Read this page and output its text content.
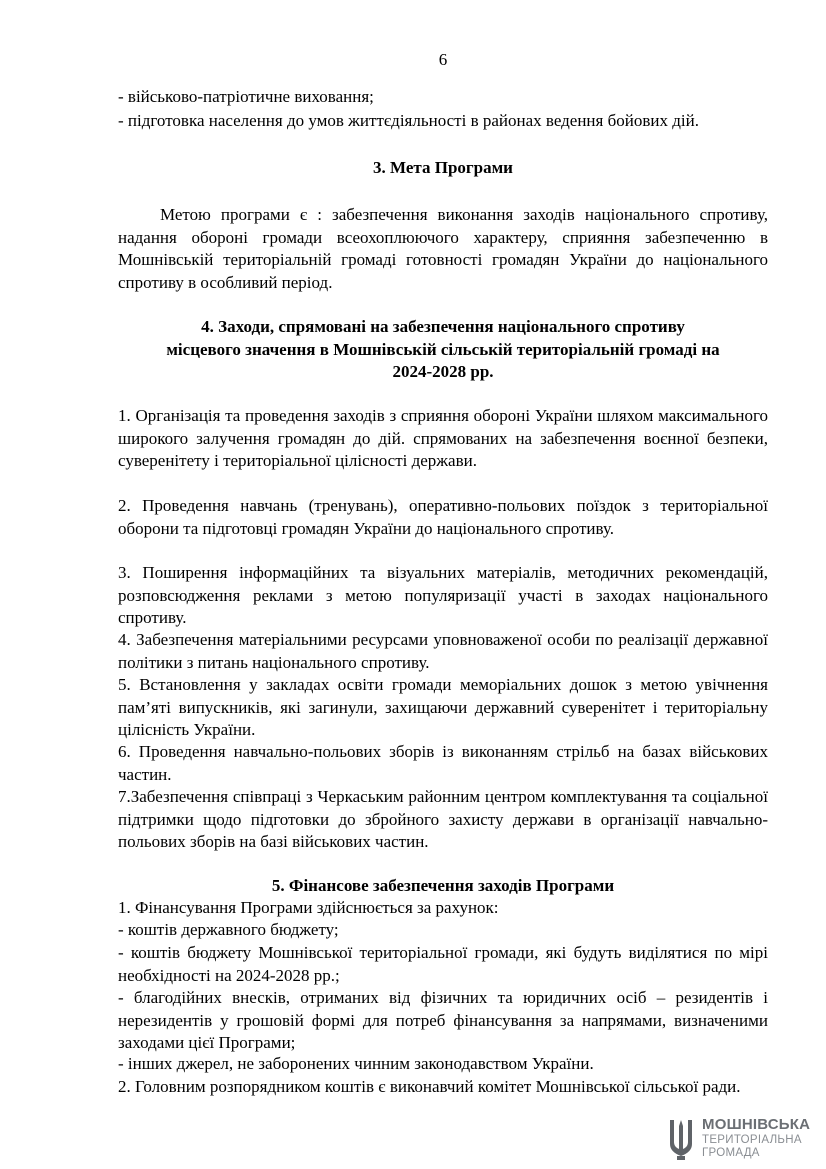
6
- військово-патріотичне виховання;
- підготовка населення до умов життєдіяльності в районах ведення бойових дій.
3. Мета Програми
Метою програми є : забезпечення виконання заходів національного спротиву, надання обороні громади всеохоплюючого характеру, сприяння забезпеченню в Мошнівській територіальній громаді готовності громадян України до національного спротиву в особливий період.
4. Заходи, спрямовані на забезпечення національного спротиву
місцевого значення в Мошнівській сільській територіальній громаді на
2024-2028 рр.
1. Організація та проведення заходів з сприяння обороні України шляхом максимального широкого залучення громадян до дій. спрямованих на забезпечення воєнної безпеки, суверенітету і територіальної цілісності держави.
2. Проведення навчань (тренувань), оперативно-польових поїздок з територіальної оборони та підготовці громадян України до національного спротиву.
3. Поширення інформаційних та візуальних матеріалів, методичних рекомендацій, розповсюдження реклами з метою популяризації участі в заходах національного спротиву.
4. Забезпечення матеріальними ресурсами уповноваженої особи по реалізації державної політики з питань національного спротиву.
5. Встановлення у закладах освіти громади меморіальних дошок з метою увічнення пам’яті випускників, які загинули, захищаючи державний суверенітет і територіальну цілісність України.
6. Проведення навчально-польових зборів із виконанням стрільб на базах військових частин.
7.Забезпечення співпраці з Черкаським районним центром комплектування та соціальної підтримки щодо підготовки до збройного захисту держави в організації навчально-польових зборів на базі військових частин.
5. Фінансове забезпечення заходів Програми
1. Фінансування Програми здійснюється за рахунок:
- коштів державного бюджету;
- коштів бюджету Мошнівської територіальної громади, які будуть виділятися по мірі необхідності на 2024-2028 рр.;
- благодійних внесків, отриманих від фізичних та юридичних осіб – резидентів і нерезидентів у грошовій формі для потреб фінансування за напрямами, визначеними заходами цієї Програми;
- інших джерел, не заборонених чинним законодавством України.
2. Головним розпорядником коштів є виконавчий комітет Мошнівської сільської ради.
МОШНІВСЬКА
ТЕРИТОРІАЛЬНА
ГРОМАДА
